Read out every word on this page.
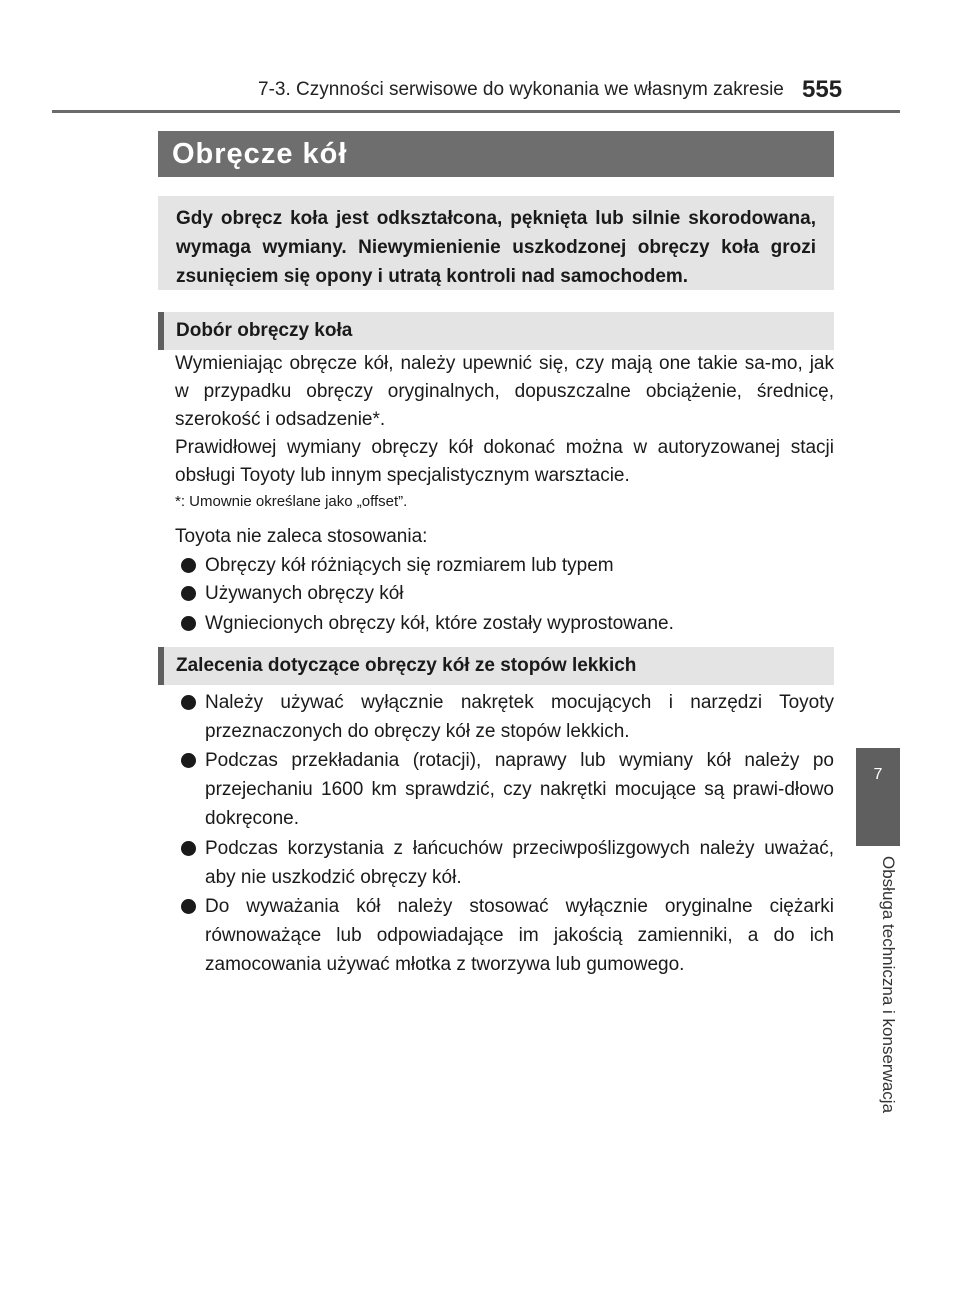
7-3. Czynności serwisowe do wykonania we własnym zakresie 555
7
Obsługa techniczna i konserwacja
Obręcze kół
Gdy obręcz koła jest odkształcona, pęknięta lub silnie skorodowana, wymaga wymiany. Niewymienienie uszkodzonej obręczy koła grozi zsunięciem się opony i utratą kontroli nad samochodem.
Dobór obręczy koła
Wymieniając obręcze kół, należy upewnić się, czy mają one takie sa-mo, jak w przypadku obręczy oryginalnych, dopuszczalne obciążenie, średnicę, szerokość i odsadzenie*.
Prawidłowej wymiany obręczy kół dokonać można w autoryzowanej stacji obsługi Toyoty lub innym specjalistycznym warsztacie.
*: Umownie określane jako „offset”.
Toyota nie zaleca stosowania:
Obręczy kół różniących się rozmiarem lub typem
Używanych obręczy kół
Wgniecionych obręczy kół, które zostały wyprostowane.
Zalecenia dotyczące obręczy kół ze stopów lekkich
Należy używać wyłącznie nakrętek mocujących i narzędzi Toyoty przeznaczonych do obręczy kół ze stopów lekkich.
Podczas przekładania (rotacji), naprawy lub wymiany kół należy po przejechaniu 1600 km sprawdzić, czy nakrętki mocujące są prawi-dłowo dokręcone.
Podczas korzystania z łańcuchów przeciwpoślizgowych należy uważać, aby nie uszkodzić obręczy kół.
Do wyważania kół należy stosować wyłącznie oryginalne ciężarki równoważące lub odpowiadające im jakością zamienniki, a do ich zamocowania używać młotka z tworzywa lub gumowego.
